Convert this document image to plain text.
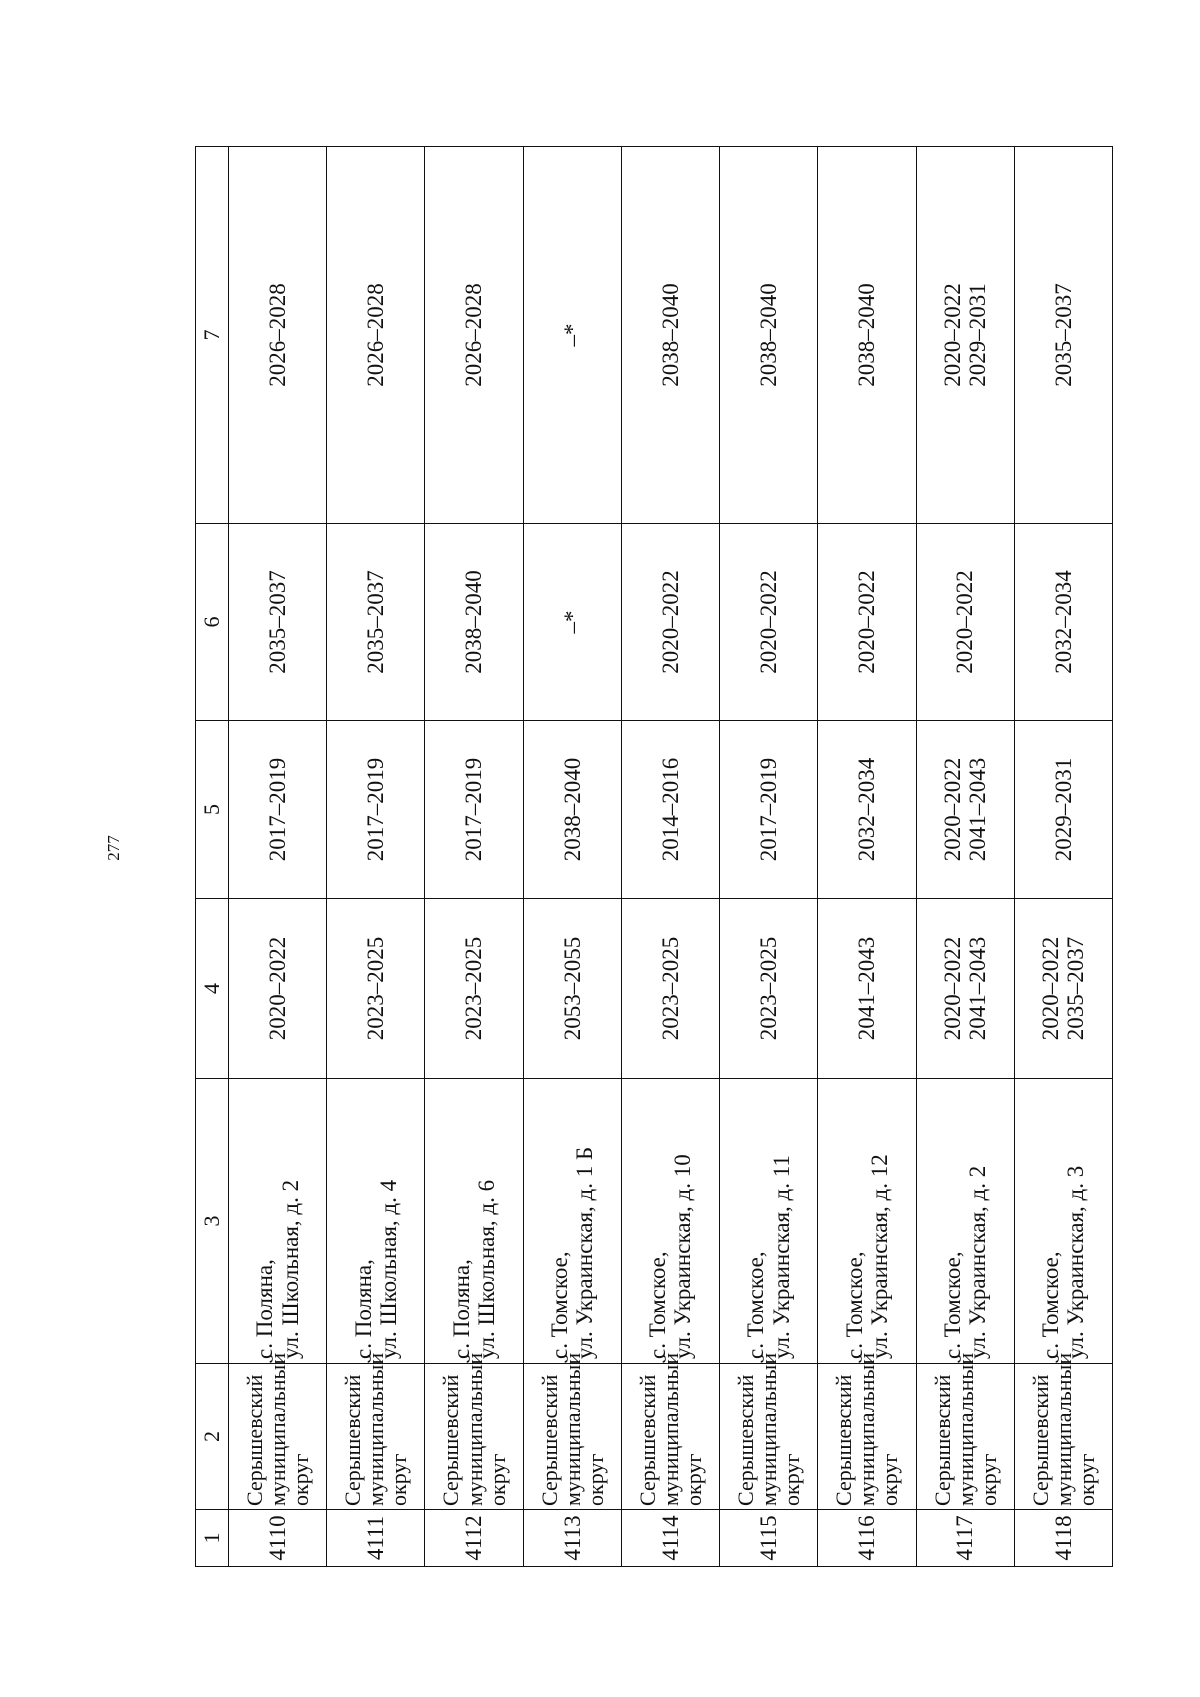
277
1	2	3	4	5	6	7
4110	Серышевский
муниципальный
округ	с. Поляна, ул. Школьная, д. 2	2020–2022	2017–2019	2035–2037	2026–2028

4111	Серышевский
муниципальный
округ	с. Поляна, ул. Школьная, д. 4	2023–2025	2017–2019	2035–2037	2026–2028

4112	Серышевский
муниципальный
округ	с. Поляна, ул. Школьная, д. 6	2023–2025	2017–2019	2038–2040	2026–2028

4113	Серышевский
муниципальный
округ	с. Томское, ул. Украинская, д. 1 Б	2053–2055	2038–2040	–*	–*

4114	Серышевский
муниципальный
округ	с. Томское, ул. Украинская, д. 10	2023–2025	2014–2016	2020–2022	2038–2040

4115	Серышевский
муниципальный
округ	с. Томское, ул. Украинская, д. 11	2023–2025	2017–2019	2020–2022	2038–2040

4116	Серышевский
муниципальный
округ	с. Томское, ул. Украинская, д. 12	2041–2043	2032–2034	2020–2022	2038–2040

4117	Серышевский
муниципальный
округ	с. Томское, ул. Украинская, д. 2	2020–2022 2041–2043	2020–2022 2041–2043	2020–2022	2020–2022 2029–2031

4118	Серышевский
муниципальный
округ	с. Томское, ул. Украинская, д. 3	2020–2022 2035–2037	2029–2031	2032–2034	2035–2037
